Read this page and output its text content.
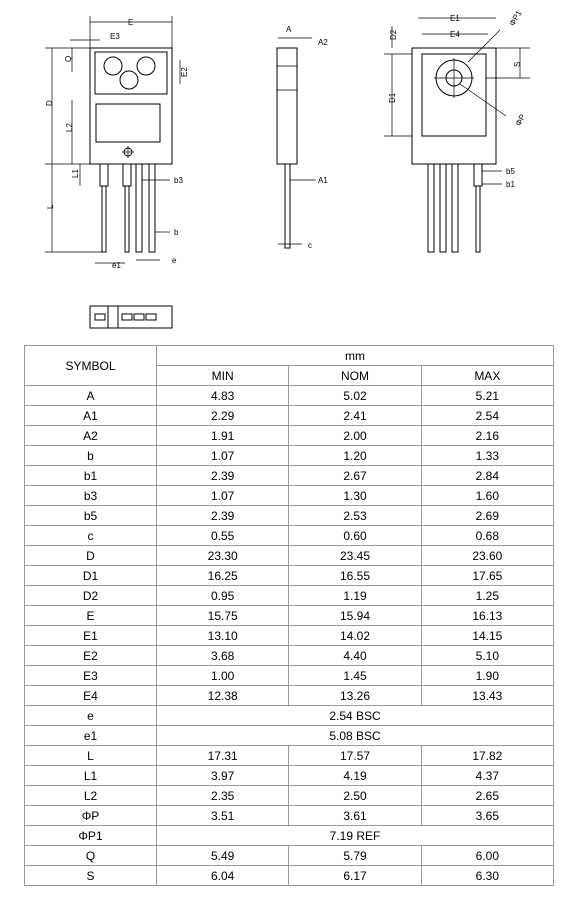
E
E3
E2
D
Q
L2
L1
L
b3
b
e1
e
A
A2
A1
c
E1
E4
ΦP1
D2
ΦP
S
D1
b5
b1
SYMBOL	mm		
	MIN	NOM	MAX
A	4.83	5.02	5.21
A1	2.29	2.41	2.54
A2	1.91	2.00	2.16
b	1.07	1.20	1.33
b1	2.39	2.67	2.84
b3	1.07	1.30	1.60
b5	2.39	2.53	2.69
c	0.55	0.60	0.68
D	23.30	23.45	23.60
D1	16.25	16.55	17.65
D2	0.95	1.19	1.25
E	15.75	15.94	16.13
E1	13.10	14.02	14.15
E2	3.68	4.40	5.10
E3	1.00	1.45	1.90
E4	12.38	13.26	13.43
e	2.54 BSC		
e1	5.08 BSC		
L	17.31	17.57	17.82
L1	3.97	4.19	4.37
L2	2.35	2.50	2.65
ΦP	3.51	3.61	3.65
ΦP1	7.19 REF		
Q	5.49	5.79	6.00
S	6.04	6.17	6.30
